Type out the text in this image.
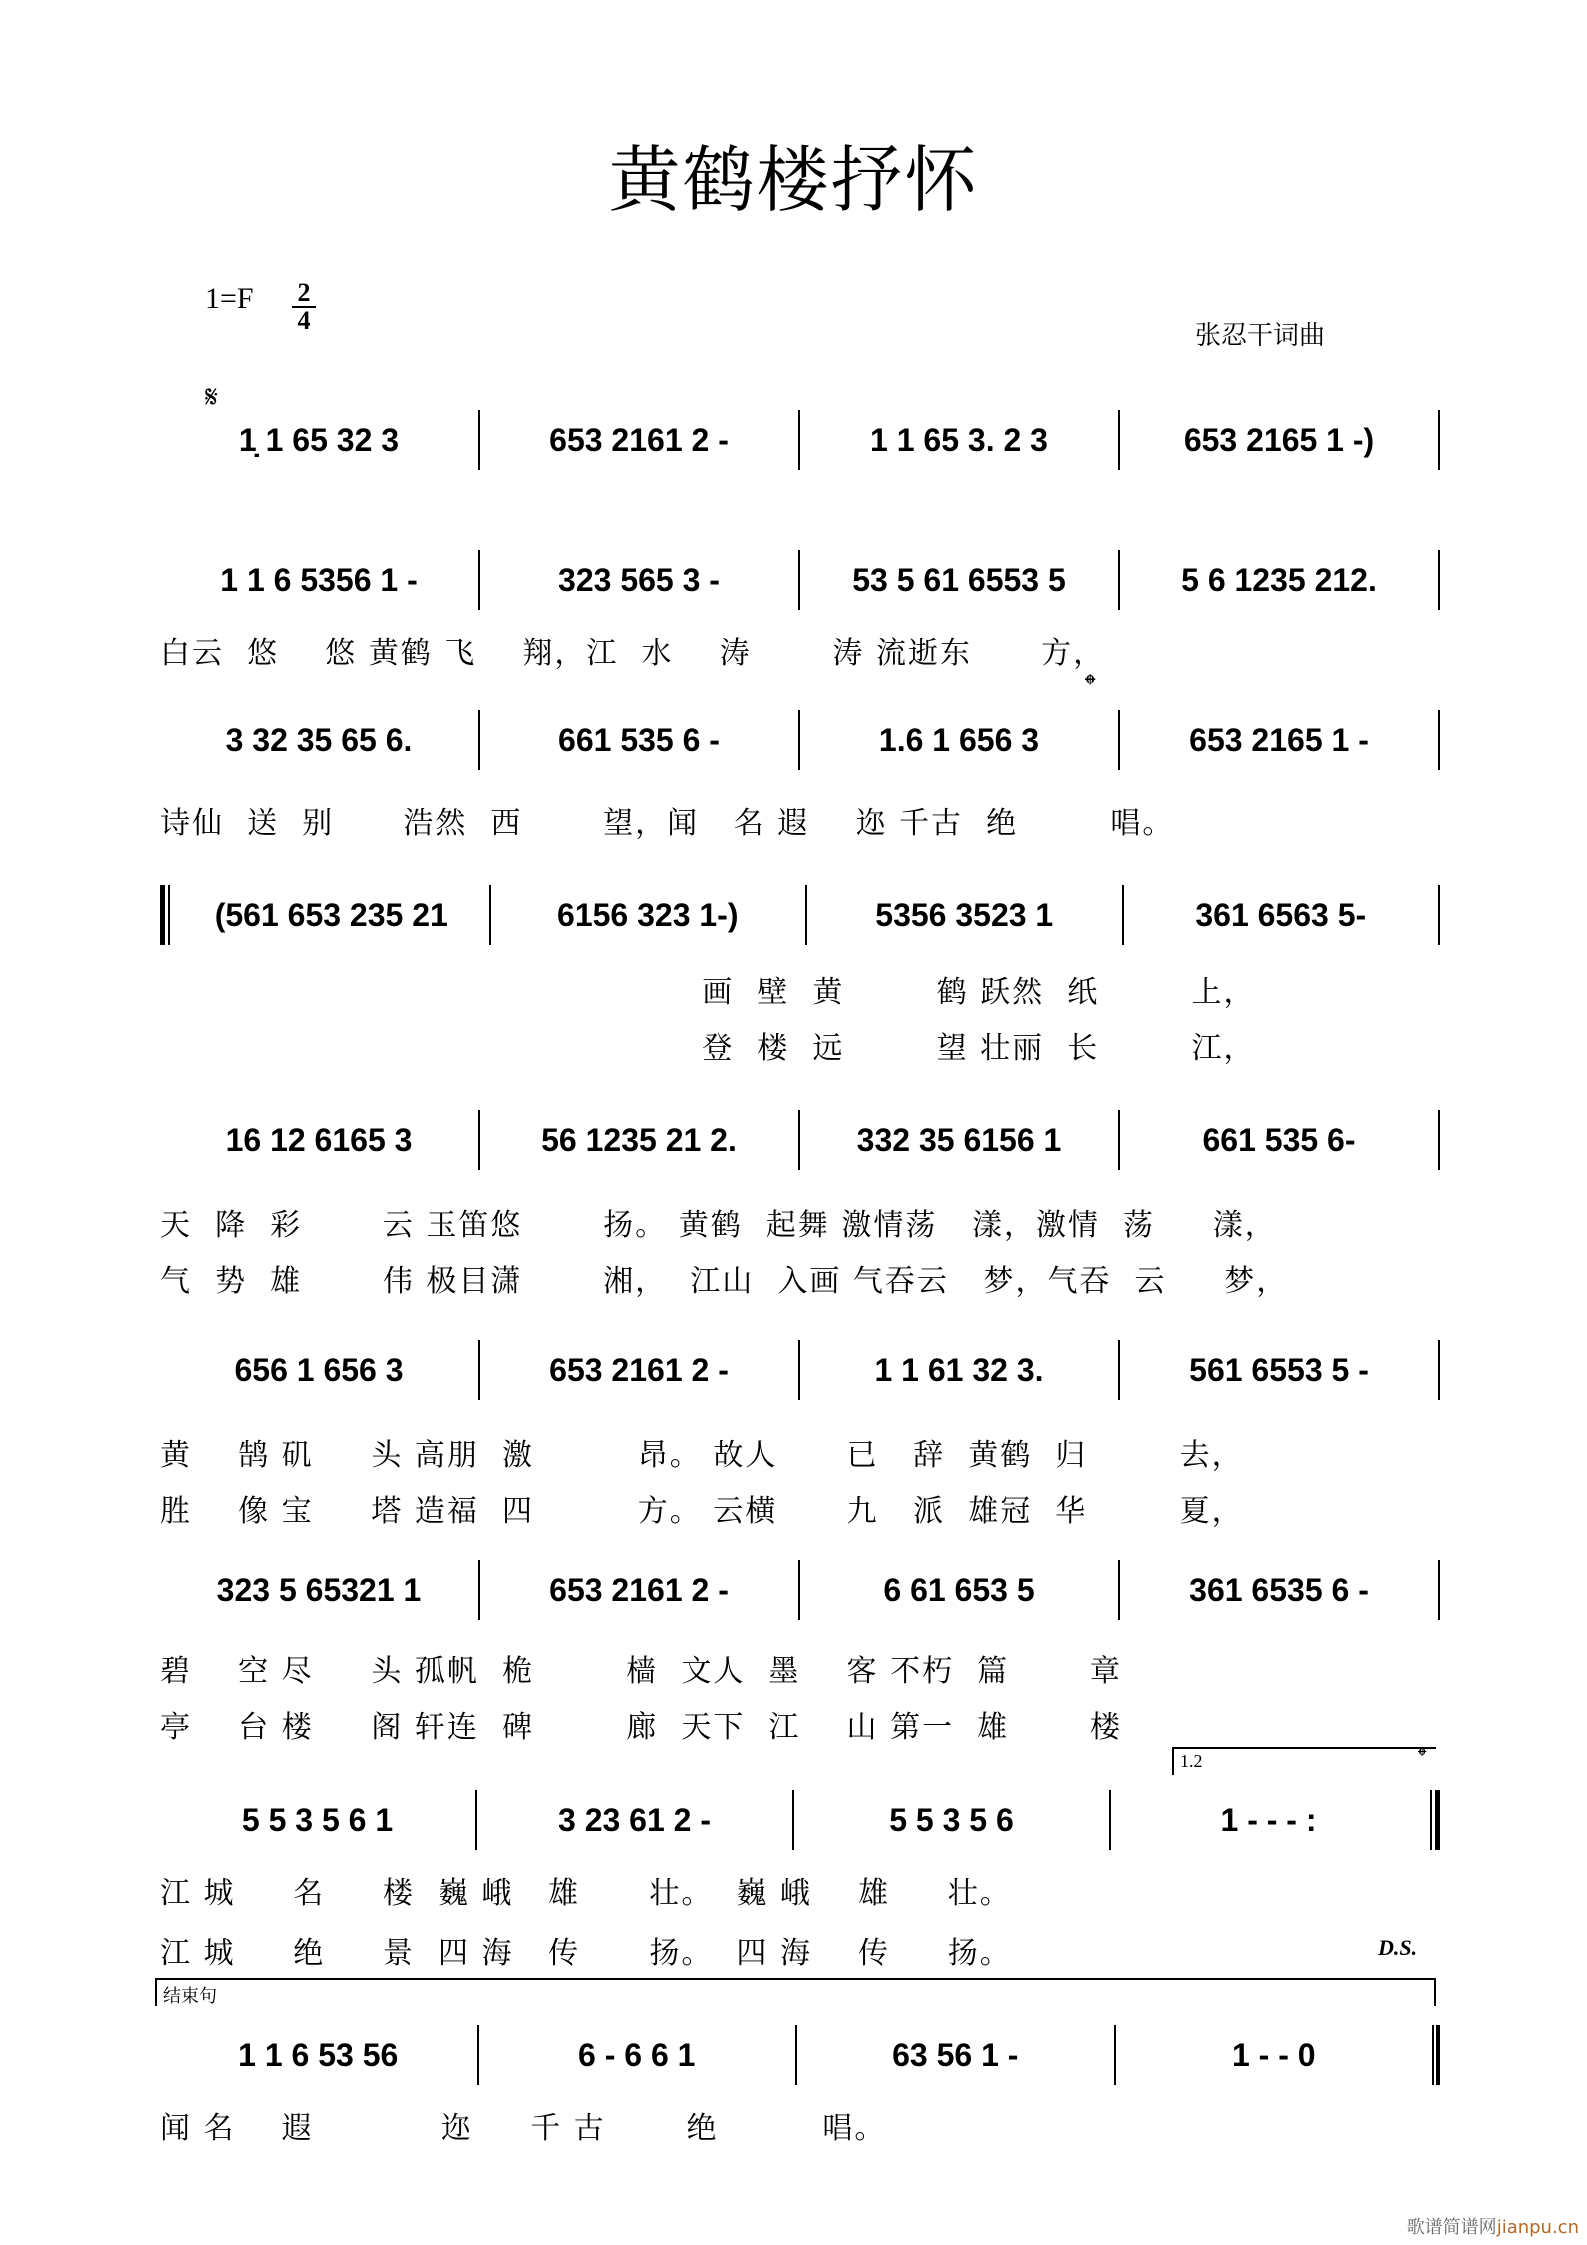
黄鹤楼抒怀
$1=F \frac{2}{4}$
张忍干词曲
𝄋
1̣ 1 65 32 3	653 2161 2 -	1 1 65 3. 2 3	653 2165 1 -)
1 1 6 5356 1 -	323 565 3 -	53 5 61 6553 5	5 6 1235 212.
白云  悠    悠 黄鹤 飞    翔，江  水    涛       涛 流逝东      方，
𝄌
3 32 35 65 6.	661 535 6 -	1.6 1 656 3	653 2165 1 -
诗仙  送  别      浩然  西       望，闻   名 遐    迩 千古  绝        唱。
(561 653 235 21	6156 323 1-)	5356 3523 1	361 6563 5-
画  壁  黄        鹤 跃然  纸        上，
登  楼  远        望 壮丽  长        江，
16 12 6165 3	56 1235 21 2.	332 35 6156 1	661 535 6-
天  降  彩       云 玉笛悠       扬。 黄鹤  起舞 激情荡   漾，激情  荡     漾，
气  势  雄       伟 极目潇       湘，  江山  入画 气吞云   梦，气吞  云     梦，
656 1 656 3	653 2161 2 -	1 1 61 32 3.	561 6553 5 -
黄    鹄 矶     头 高朋  激         昂。 故人      已   辞  黄鹤  归        去，
胜    像 宝     塔 造福  四         方。 云横      九   派  雄冠  华        夏，
323 5 65321 1	653 2161 2 -	6 61 653 5	361 6535 6 -
碧    空 尽     头 孤帆  桅        樯  文人  墨    客 不朽  篇       章
亭    台 楼     阁 轩连  碑        廊  天下  江    山 第一  雄       楼
1.2	𝄌
5 5 3 5 6 1	3 23 61 2 -	5 5 3 5 6	1 - - - :
江 城     名     楼  巍 峨   雄      壮。  巍 峨    雄     壮。
江 城     绝     景  四 海   传      扬。  四 海    传     扬。	D.S.
结束句
1 1 6 53 56	6 - 6 6 1	63 56 1 -	1 - - 0
闻 名    遐           迩     千 古       绝         唱。
歌谱简谱网jianpu.cn
